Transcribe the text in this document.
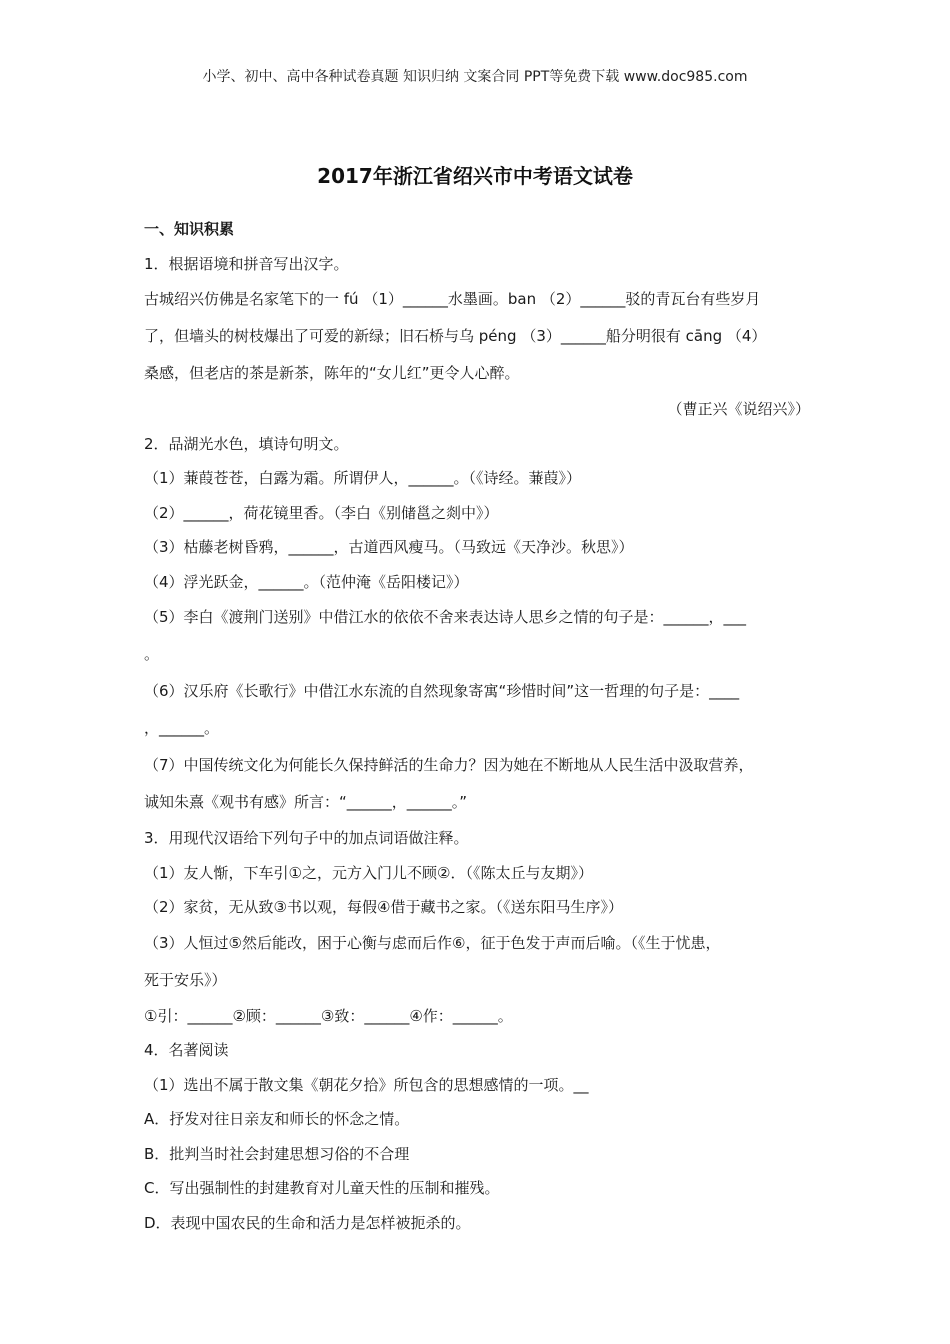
小学、初中、高中各种试卷真题 知识归纳 文案合同 PPT等免费下载 www.doc985.com
2017年浙江省绍兴市中考语文试卷
一、知识积累
1．根据语境和拼音写出汉字。
古城绍兴仿佛是名家笔下的一 fú （1）______水墨画。ban （2）______驳的青瓦台有些岁月
了，但墙头的树枝爆出了可爱的新绿；旧石桥与乌 péng （3）______船分明很有 cāng （4）
桑感，但老店的茶是新茶，陈年的“女儿红”更令人心醉。
（曹正兴《说绍兴》）
2．品湖光水色，填诗句明文。
（1）蒹葭苍苍，白露为霜。所谓伊人，______。（《诗经。蒹葭》）
（2）______，荷花镜里香。（李白《别储邕之剡中》）
（3）枯藤老树昏鸦，______，古道西风瘦马。（马致远《天净沙。秋思》）
（4）浮光跃金，______。（范仲淹《岳阳楼记》）
（5）李白《渡荆门送别》中借江水的依依不舍来表达诗人思乡之情的句子是：______，___
。
（6）汉乐府《长歌行》中借江水东流的自然现象寄寓“珍惜时间”这一哲理的句子是：____
，______。
（7）中国传统文化为何能长久保持鲜活的生命力？因为她在不断地从人民生活中汲取营养，
诚知朱熹《观书有感》所言：“______，______。”
3．用现代汉语给下列句子中的加点词语做注释。
（1）友人惭，下车引①之，元方入门儿不顾②．（《陈太丘与友期》）
（2）家贫，无从致③书以观，每假④借于藏书之家。（《送东阳马生序》）
（3）人恒过⑤然后能改，困于心衡与虑而后作⑥，征于色发于声而后喻。（《生于忧患，
死于安乐》）
①引：______②顾：______③致：______④作：______。
4．名著阅读
（1）选出不属于散文集《朝花夕拾》所包含的思想感情的一项。__
A．抒发对往日亲友和师长的怀念之情。
B．批判当时社会封建思想习俗的不合理
C．写出强制性的封建教育对儿童天性的压制和摧残。
D．表现中国农民的生命和活力是怎样被扼杀的。
